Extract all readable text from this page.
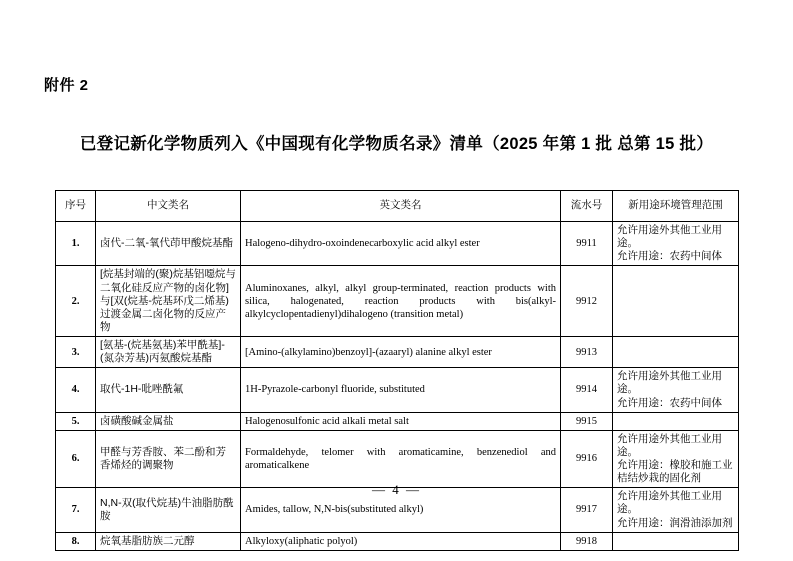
附件 2
已登记新化学物质列入《中国现有化学物质名录》清单（2025 年第 1 批 总第 15 批）
序号	中文类名	英文类名	流水号	新用途环境管理范围
1.	卤代-二氧-氧代茚甲酸烷基酯	Halogeno-dihydro-oxoindenecarboxylic acid alkyl ester	9911	允许用途外其他工业用途。
允许用途：农药中间体
2.	[烷基封端的(聚)烷基铝噁烷与二氧化硅反应产物的卤化物]与[双(烷基-烷基环戊二烯基)过渡金属二卤化物的反应产物	Aluminoxanes, alkyl, alkyl group-terminated, reaction products with silica, halogenated, reaction products with bis(alkyl-alkylcyclopentadienyl)dihalogeno (transition metal)	9912	
3.	[氨基-(烷基氨基)苯甲酰基]-(氮杂芳基)丙氨酸烷基酯	[Amino-(alkylamino)benzoyl]-(azaaryl) alanine alkyl ester	9913	
4.	取代-1H-吡唑酰氟	1H-Pyrazole-carbonyl fluoride, substituted	9914	允许用途外其他工业用途。
允许用途：农药中间体
5.	卤磺酸碱金属盐	Halogenosulfonic acid alkali metal salt	9915	
6.	甲醛与芳香胺、苯二酚和芳香烯烃的调聚物	Formaldehyde, telomer with aromaticamine, benzenediol and aromaticalkene	9916	允许用途外其他工业用途。
允许用途：橡胶和施工业桔结炒栽的固化剂
7.	N,N-双(取代烷基)牛油脂肪酰胺	Amides, tallow, N,N-bis(substituted alkyl)	9917	允许用途外其他工业用途。
允许用途：润滑油添加剂
8.	烷氧基脂肪族二元醇	Alkyloxy(aliphatic polyol)	9918	
— 4 —
